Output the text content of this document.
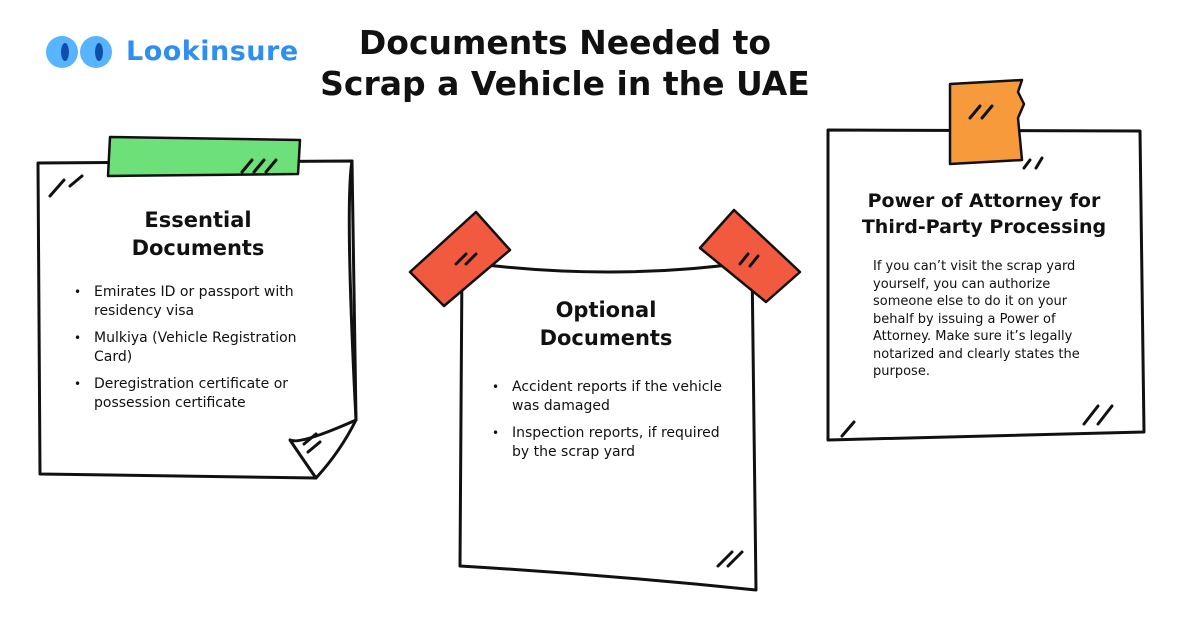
Lookinsure	Documents Needed to
Scrap a Vehicle in the UAE
Essential
Documents
• Emirates ID or passport with residency visa
• Mulkiya (Vehicle Registration Card)
• Deregistration certificate or possession certificate
Optional
Documents
• Accident reports if the vehicle was damaged
• Inspection reports, if required by the scrap yard
Power of Attorney for
Third-Party Processing
If you can’t visit the scrap yard yourself, you can authorize someone else to do it on your behalf by issuing a Power of Attorney. Make sure it’s legally notarized and clearly states the purpose.
